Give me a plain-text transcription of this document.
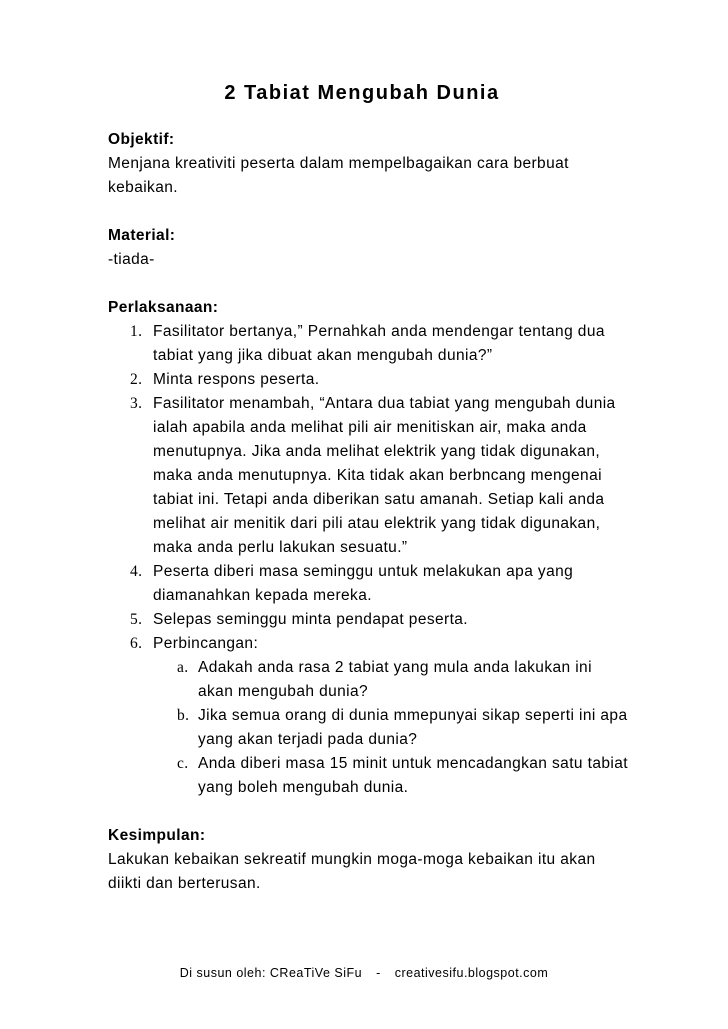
2 Tabiat Mengubah Dunia
Objektif:
Menjana kreativiti peserta dalam mempelbagaikan cara berbuat kebaikan.
Material:
-tiada-
Perlaksanaan:
1. Fasilitator bertanya,” Pernahkah anda mendengar tentang dua tabiat yang jika dibuat akan mengubah dunia?”
2. Minta respons peserta.
3. Fasilitator menambah, “Antara dua tabiat yang mengubah dunia ialah apabila anda melihat pili air menitiskan air, maka anda menutupnya. Jika anda melihat elektrik yang tidak digunakan, maka anda menutupnya. Kita tidak akan berbncang mengenai tabiat ini. Tetapi anda diberikan satu amanah. Setiap kali anda melihat air menitik dari pili atau elektrik yang tidak digunakan, maka anda perlu lakukan sesuatu.”
4. Peserta diberi masa seminggu untuk melakukan apa yang diamanahkan kepada mereka.
5. Selepas seminggu minta pendapat peserta.
6. Perbincangan:
a. Adakah anda rasa 2 tabiat yang mula anda lakukan ini akan mengubah dunia?
b. Jika semua orang di dunia mmepunyai sikap seperti ini apa yang akan terjadi pada dunia?
c. Anda diberi masa 15 minit untuk mencadangkan satu tabiat yang boleh mengubah dunia.
Kesimpulan:
Lakukan kebaikan sekreatif mungkin moga-moga kebaikan itu akan diikti dan berterusan.
Di susun oleh: CReaTiVe SiFu - creativesifu.blogspot.com
